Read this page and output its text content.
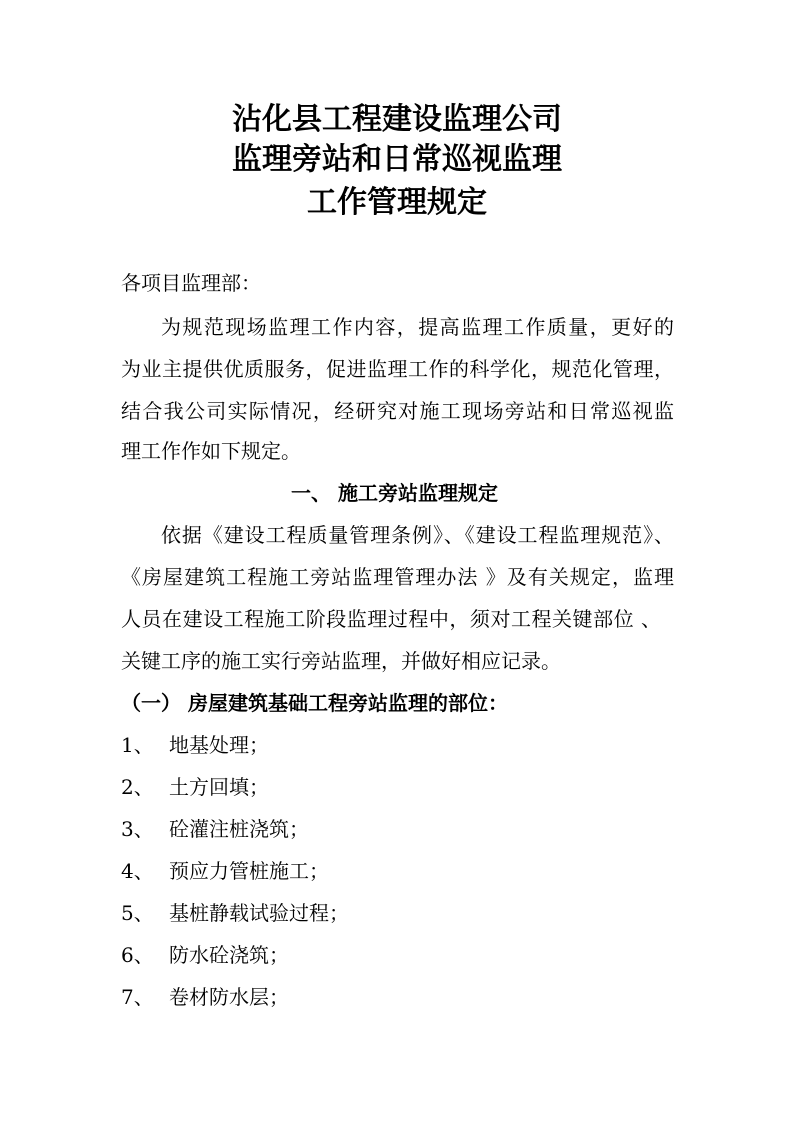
沾化县工程建设监理公司
监理旁站和日常巡视监理
工作管理规定
各项目监理部：
为规范现场监理工作内容，提高监理工作质量，更好的
为业主提供优质服务，促进监理工作的科学化，规范化管理，
结合我公司实际情况，经研究对施工现场旁站和日常巡视监
理工作作如下规定。
一、 施工旁站监理规定
依据《建设工程质量管理条例》、《建设工程监理规范》、
《房屋建筑工程施工旁站监理管理办法 》及有关规定，监理
人员在建设工程施工阶段监理过程中，须对工程关键部位 、
关键工序的施工实行旁站监理，并做好相应记录。
（一） 房屋建筑基础工程旁站监理的部位：
1、 地基处理；
2、 土方回填；
3、 砼灌注桩浇筑；
4、 预应力管桩施工；
5、 基桩静载试验过程；
6、 防水砼浇筑；
7、 卷材防水层；
